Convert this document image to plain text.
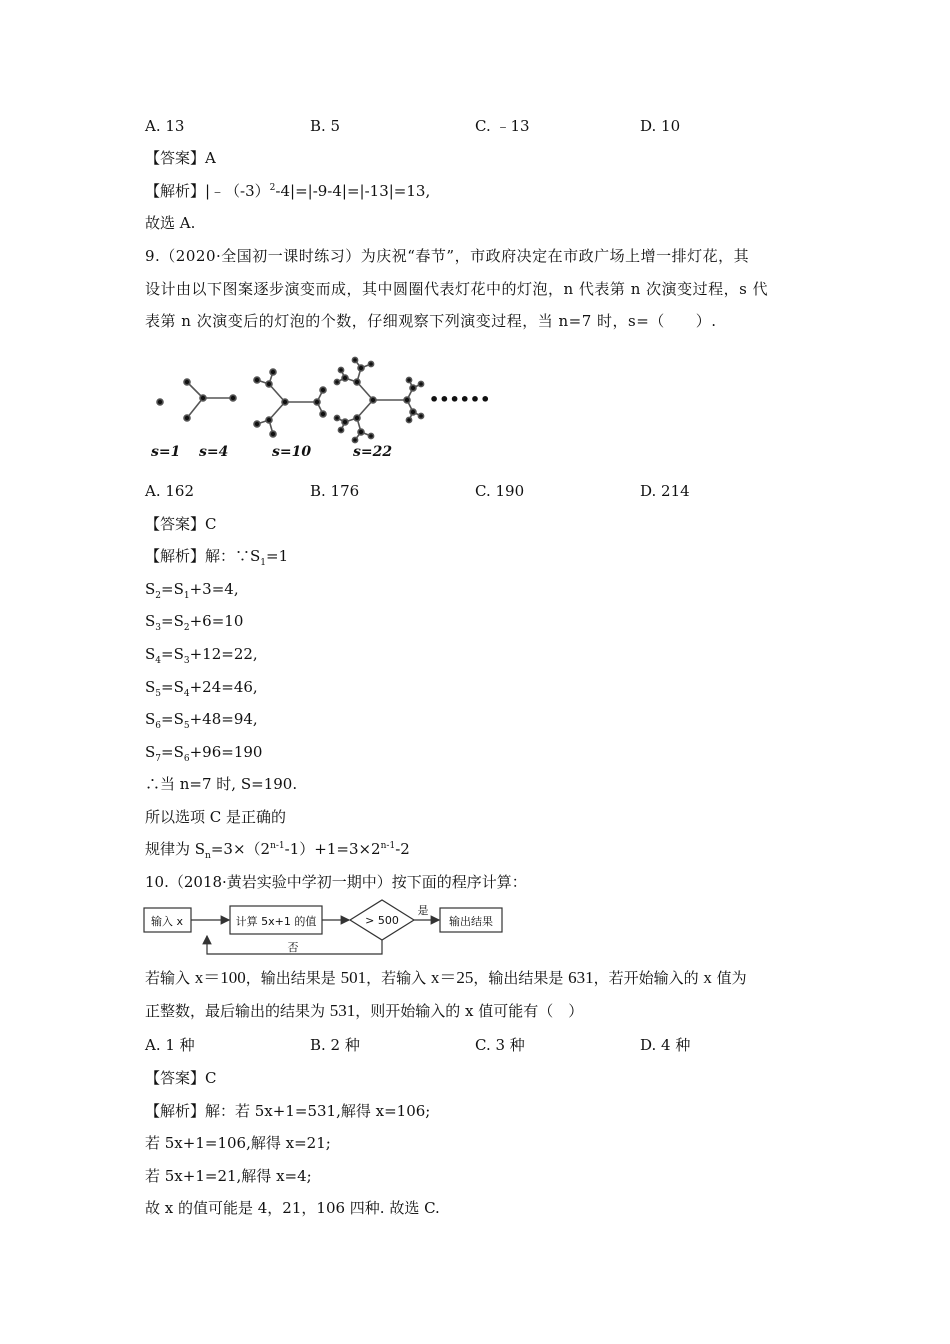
A. 13	B. 5	C. ﹣13	D. 10
【答案】A
【解析】$|﹣(-3)^2-4|=|-9-4|=|-13|=13$,
故选 A.
9.（2020·全国初一课时练习）为庆祝“春节”，市政府决定在市政广场上增一排灯花，其
设计由以下图案逐步演变而成，其中圆圈代表灯花中的灯泡，n 代表第 n 次演变过程，s 代
表第 n 次演变后的灯泡的个数，仔细观察下列演变过程，当 n=7 时，s=（　　）.
••••••
s=1 s=4	s=10	s=22
A. 162	B. 176	C. 190	D. 214
【答案】C
【解析】解：$\because S_1=1$
$S_2=S_1+3=4$,
$S_3=S_2+6=10$
$S_4=S_3+12=22$,
$S_5=S_4+24=46$,
$S_6=S_5+48=94$,
$S_7=S_6+96=190$
∴当 n=7 时, S=190.
所以选项 C 是正确的
规律为 $S_n=3\times(2^{n-1}-1)+1=3\times 2^{n-1}-2$
10.（2018·黄岩实验中学初一期中）按下面的程序计算：
输入 x	计算 5x+1 的值	> 500
是
输出结果
否
若输入 x＝100，输出结果是 501，若输入 x＝25，输出结果是 631，若开始输入的 x 值为
正整数，最后输出的结果为 531，则开始输入的 x 值可能有（　）
A. 1 种	B. 2 种	C. 3 种	D. 4 种
【答案】C
【解析】解：若 5x+1=531,解得 x=106;
若 5x+1=106,解得 x=21;
若 5x+1=21,解得 x=4;
故 x 的值可能是 4，21，106 四种. 故选 C.
